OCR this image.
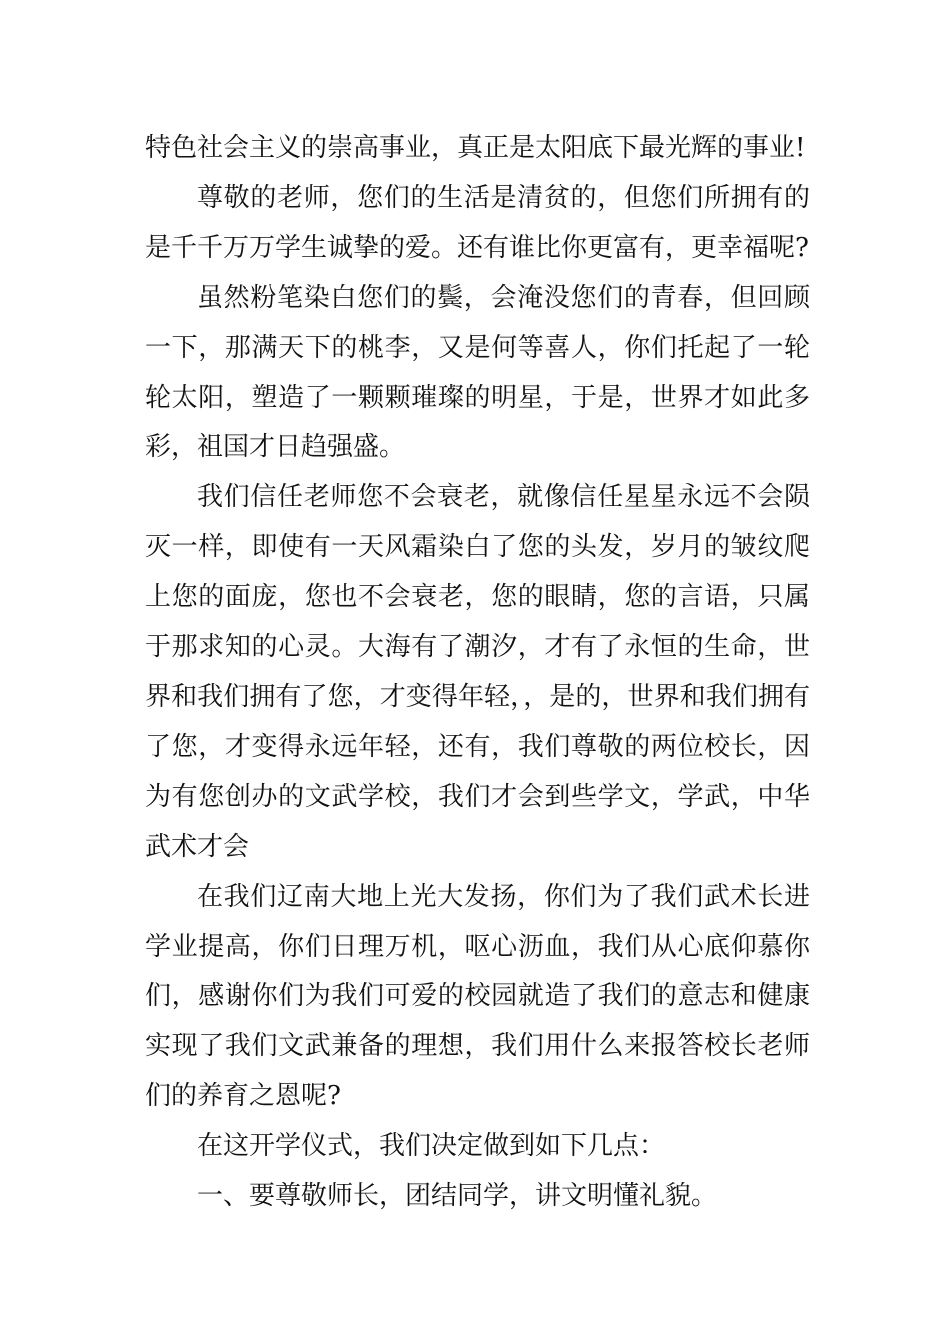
特色社会主义的崇高事业，真正是太阳底下最光辉的事业!

尊敬的老师，您们的生活是清贫的，但您们所拥有的是千千万万学生诚挚的爱。还有谁比你更富有，更幸福呢?

虽然粉笔染白您们的鬓，会淹没您们的青春，但回顾一下，那满天下的桃李，又是何等喜人，你们托起了一轮轮太阳，塑造了一颗颗璀璨的明星，于是，世界才如此多彩，祖国才日趋强盛。

我们信任老师您不会衰老，就像信任星星永远不会陨灭一样，即使有一天风霜染白了您的头发，岁月的皱纹爬上您的面庞，您也不会衰老，您的眼睛，您的言语，只属于那求知的心灵。大海有了潮汐，才有了永恒的生命，世界和我们拥有了您，才变得年轻，，是的，世界和我们拥有了您，才变得永远年轻，还有，我们尊敬的两位校长，因为有您创办的文武学校，我们才会到些学文，学武，中华武术才会

在我们辽南大地上光大发扬，你们为了我们武术长进学业提高，你们日理万机，呕心沥血，我们从心底仰慕你们，感谢你们为我们可爱的校园就造了我们的意志和健康实现了我们文武兼备的理想，我们用什么来报答校长老师们的养育之恩呢?

在这开学仪式，我们决定做到如下几点：

一、要尊敬师长，团结同学，讲文明懂礼貌。
